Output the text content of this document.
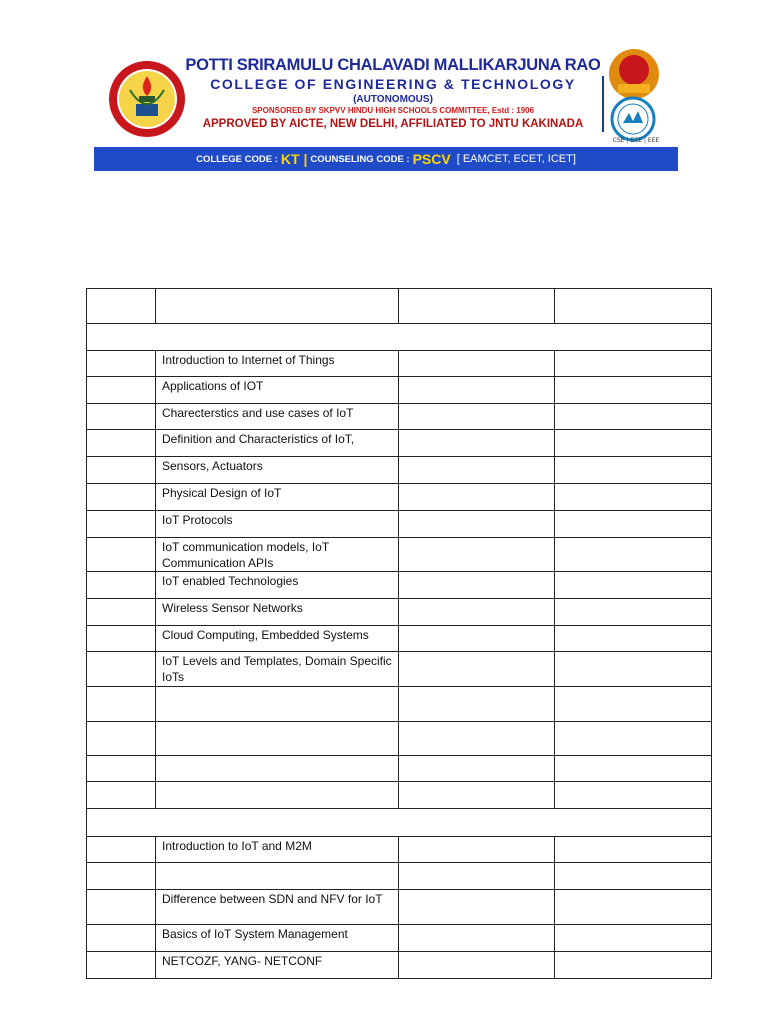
POTTI SRIRAMULU CHALAVADI MALLIKARJUNA RAO
COLLEGE OF ENGINEERING & TECHNOLOGY
(AUTONOMOUS)
SPONSORED BY SKPVV HINDU HIGH SCHOOLS COMMITTEE, Estd : 1906
APPROVED BY AICTE, NEW DELHI, AFFILIATED TO JNTU KAKINADA
CSE | ECE | EEE
COLLEGE CODE : KT | COUNSELING CODE : PSCV [ EAMCET, ECET, ICET]

	Introduction to Internet of Things		
	Applications of IOT		
	Charecterstics and use cases of IoT		
	Definition and Characteristics of IoT,		
	Sensors, Actuators		
	Physical Design of IoT		
	IoT Protocols		
	IoT communication models, IoT Communication APIs		
	IoT enabled Technologies		
	Wireless Sensor Networks		
	Cloud Computing, Embedded Systems		
	IoT Levels and Templates, Domain Specific IoTs		

	Introduction to IoT and M2M		

	Difference between SDN and NFV for IoT		
	Basics of IoT System Management		
	NETCOZF, YANG- NETCONF		
